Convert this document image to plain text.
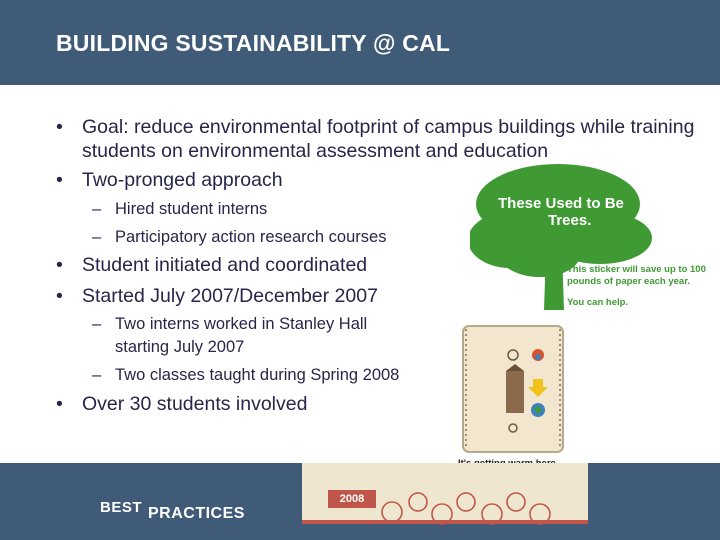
BUILDING SUSTAINABILITY @ CAL
• Goal: reduce environmental footprint of campus buildings while training students on environmental assessment and education
• Two-pronged approach
– Hired student interns
– Participatory action research courses
• Student initiated and coordinated
• Started July 2007/December 2007
– Two interns worked in Stanley Hall starting July 2007
– Two classes taught during Spring 2008
• Over 30 students involved
These Used to Be Trees.
This sticker will save up to 100 pounds of paper each year.
You can help.
BEST PRACTICES
2008
